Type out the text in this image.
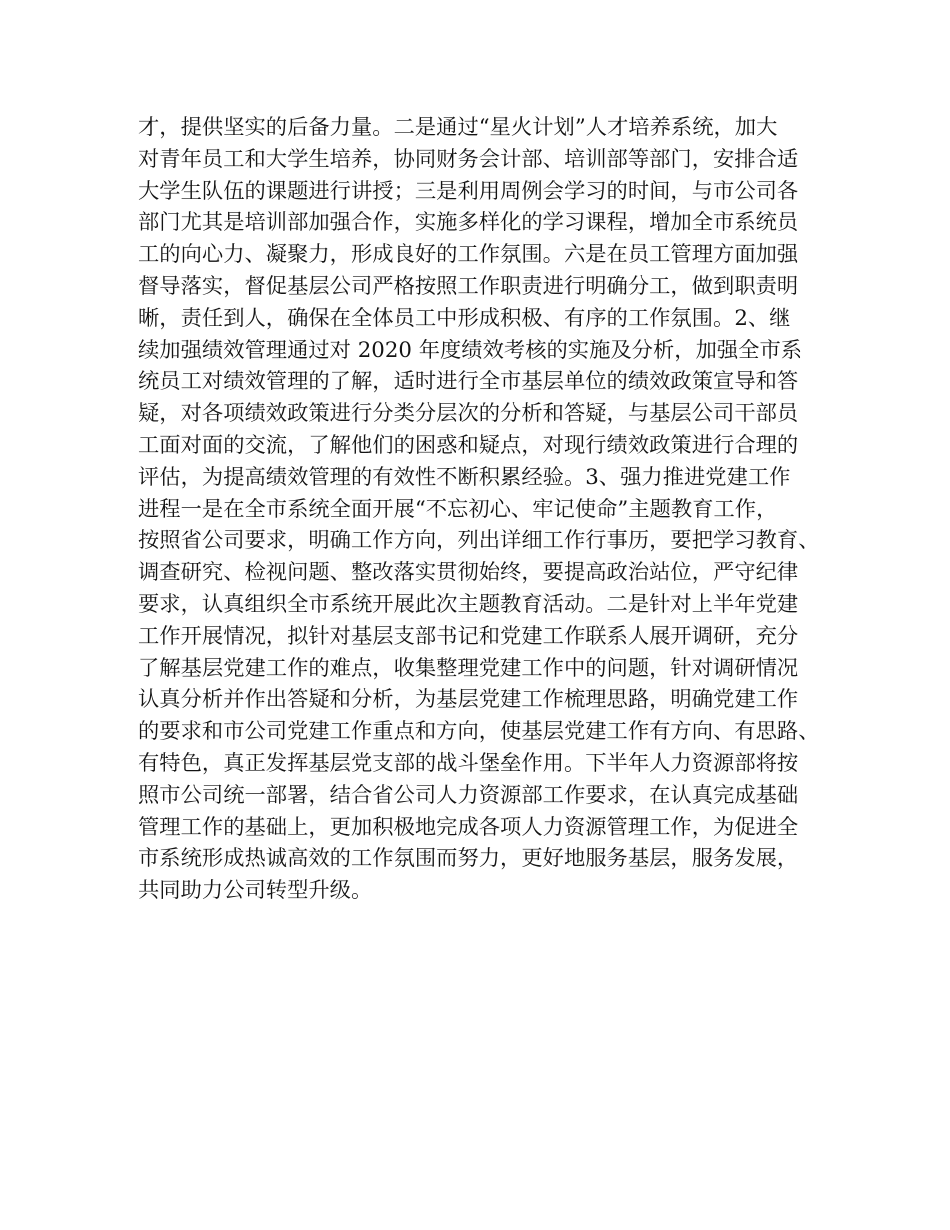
才，提供坚实的后备力量。二是通过“星火计划”人才培养系统，加大
对青年员工和大学生培养，协同财务会计部、培训部等部门，安排合适
大学生队伍的课题进行讲授；三是利用周例会学习的时间，与市公司各
部门尤其是培训部加强合作，实施多样化的学习课程，增加全市系统员
工的向心力、凝聚力，形成良好的工作氛围。六是在员工管理方面加强
督导落实，督促基层公司严格按照工作职责进行明确分工，做到职责明
晰，责任到人，确保在全体员工中形成积极、有序的工作氛围。2、继
续加强绩效管理通过对 2020 年度绩效考核的实施及分析，加强全市系
统员工对绩效管理的了解，适时进行全市基层单位的绩效政策宣导和答
疑，对各项绩效政策进行分类分层次的分析和答疑，与基层公司干部员
工面对面的交流，了解他们的困惑和疑点，对现行绩效政策进行合理的
评估，为提高绩效管理的有效性不断积累经验。3、强力推进党建工作
进程一是在全市系统全面开展“不忘初心、牢记使命”主题教育工作，
按照省公司要求，明确工作方向，列出详细工作行事历，要把学习教育、
调查研究、检视问题、整改落实贯彻始终，要提高政治站位，严守纪律
要求，认真组织全市系统开展此次主题教育活动。二是针对上半年党建
工作开展情况，拟针对基层支部书记和党建工作联系人展开调研，充分
了解基层党建工作的难点，收集整理党建工作中的问题，针对调研情况
认真分析并作出答疑和分析，为基层党建工作梳理思路，明确党建工作
的要求和市公司党建工作重点和方向，使基层党建工作有方向、有思路、
有特色，真正发挥基层党支部的战斗堡垒作用。下半年人力资源部将按
照市公司统一部署，结合省公司人力资源部工作要求，在认真完成基础
管理工作的基础上，更加积极地完成各项人力资源管理工作，为促进全
市系统形成热诚高效的工作氛围而努力，更好地服务基层，服务发展，
共同助力公司转型升级。
